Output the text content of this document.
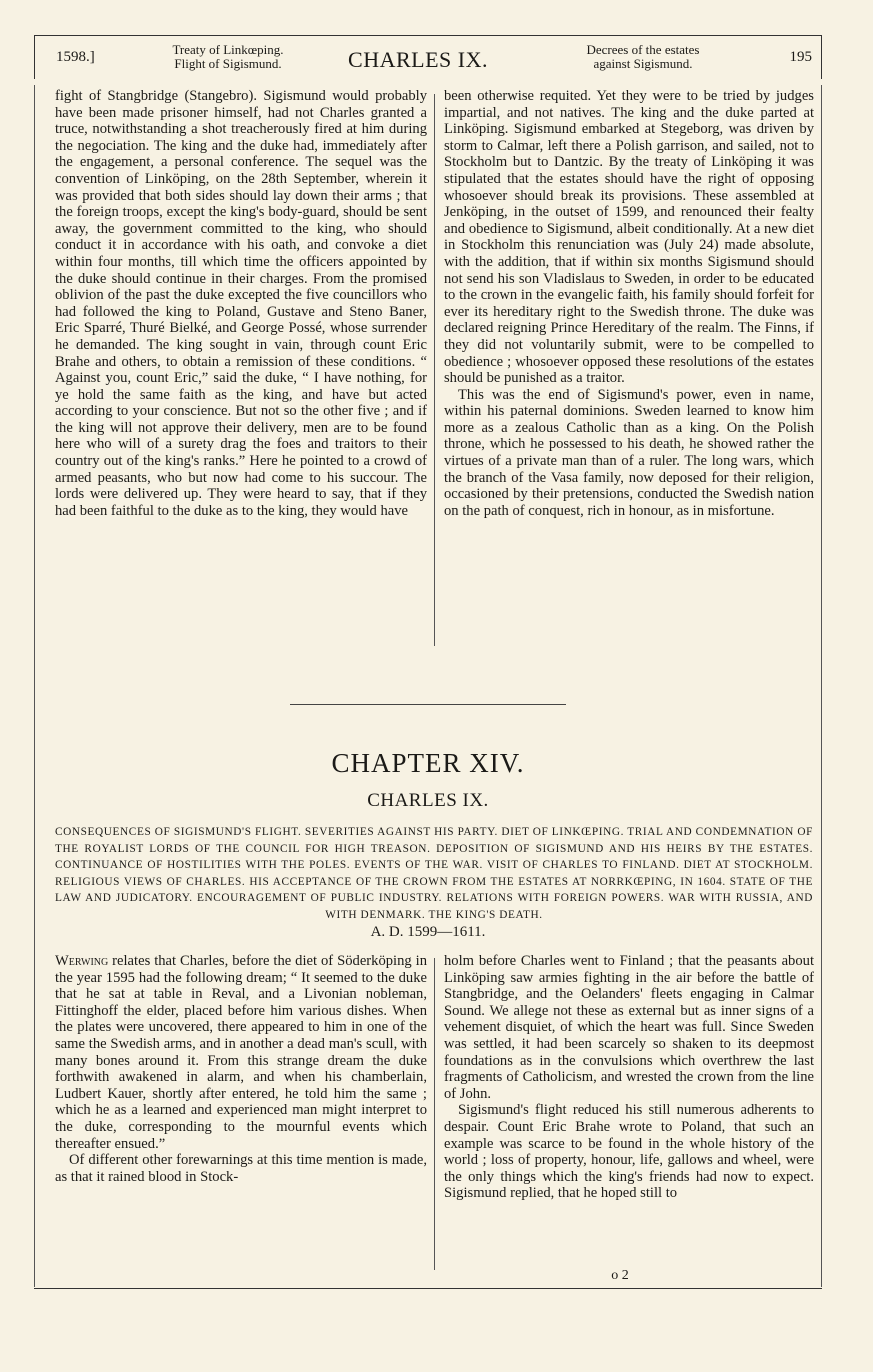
1598.]	Treaty of Linkœping.
Flight of Sigismund.	CHARLES IX.	Decrees of the estates
against Sigismund.	195

fight of Stangbridge (Stangebro). Sigismund would probably have been made prisoner himself, had not Charles granted a truce, notwithstanding a shot treacherously fired at him during the negociation. The king and the duke had, immediately after the engagement, a personal conference. The sequel was the convention of Linköping, on the 28th September, wherein it was provided that both sides should lay down their arms ; that the foreign troops, except the king's body-guard, should be sent away, the government committed to the king, who should conduct it in accordance with his oath, and convoke a diet within four months, till which time the officers appointed by the duke should continue in their charges. From the promised oblivion of the past the duke excepted the five councillors who had followed the king to Poland, Gustave and Steno Baner, Eric Sparré, Thuré Bielké, and George Possé, whose surrender he demanded. The king sought in vain, through count Eric Brahe and others, to obtain a remission of these conditions. “ Against you, count Eric,” said the duke, “ I have nothing, for ye hold the same faith as the king, and have but acted according to your conscience. But not so the other five ; and if the king will not approve their delivery, men are to be found here who will of a surety drag the foes and traitors to their country out of the king's ranks.” Here he pointed to a crowd of armed peasants, who but now had come to his succour. The lords were delivered up. They were heard to say, that if they had been faithful to the duke as to the king, they would have

been otherwise requited. Yet they were to be tried by judges impartial, and not natives. The king and the duke parted at Linköping. Sigismund embarked at Stegeborg, was driven by storm to Calmar, left there a Polish garrison, and sailed, not to Stockholm but to Dantzic. By the treaty of Linköping it was stipulated that the estates should have the right of opposing whosoever should break its provisions. These assembled at Jenköping, in the outset of 1599, and renounced their fealty and obedience to Sigismund, albeit conditionally. At a new diet in Stockholm this renunciation was (July 24) made absolute, with the addition, that if within six months Sigismund should not send his son Vladislaus to Sweden, in order to be educated to the crown in the evangelic faith, his family should forfeit for ever its hereditary right to the Swedish throne. The duke was declared reigning Prince Hereditary of the realm. The Finns, if they did not voluntarily submit, were to be compelled to obedience ; whosoever opposed these resolutions of the estates should be punished as a traitor.

This was the end of Sigismund's power, even in name, within his paternal dominions. Sweden learned to know him more as a zealous Catholic than as a king. On the Polish throne, which he possessed to his death, he showed rather the virtues of a private man than of a ruler. The long wars, which the branch of the Vasa family, now deposed for their religion, occasioned by their pretensions, conducted the Swedish nation on the path of conquest, rich in honour, as in misfortune.

CHAPTER XIV.
CHARLES IX.
CONSEQUENCES OF SIGISMUND'S FLIGHT. SEVERITIES AGAINST HIS PARTY. DIET OF LINKŒPING. TRIAL AND CONDEMNATION OF THE ROYALIST LORDS OF THE COUNCIL FOR HIGH TREASON. DEPOSITION OF SIGISMUND AND HIS HEIRS BY THE ESTATES. CONTINUANCE OF HOSTILITIES WITH THE POLES. EVENTS OF THE WAR. VISIT OF CHARLES TO FINLAND. DIET AT STOCKHOLM. RELIGIOUS VIEWS OF CHARLES. HIS ACCEPTANCE OF THE CROWN FROM THE ESTATES AT NORRKŒPING, IN 1604. STATE OF THE LAW AND JUDICATORY. ENCOURAGEMENT OF PUBLIC INDUSTRY. RELATIONS WITH FOREIGN POWERS. WAR WITH RUSSIA, AND WITH DENMARK. THE KING'S DEATH.
A. D. 1599—1611.

Werwing relates that Charles, before the diet of Söderköping in the year 1595 had the following dream; “ It seemed to the duke that he sat at table in Reval, and a Livonian nobleman, Fittinghoff the elder, placed before him various dishes. When the plates were uncovered, there appeared to him in one of the same the Swedish arms, and in another a dead man's scull, with many bones around it. From this strange dream the duke forthwith awakened in alarm, and when his chamberlain, Ludbert Kauer, shortly after entered, he told him the same ; which he as a learned and experienced man might interpret to the duke, corresponding to the mournful events which thereafter ensued.”

Of different other forewarnings at this time mention is made, as that it rained blood in Stock-

holm before Charles went to Finland ; that the peasants about Linköping saw armies fighting in the air before the battle of Stangbridge, and the Oelanders' fleets engaging in Calmar Sound. We allege not these as external but as inner signs of a vehement disquiet, of which the heart was full. Since Sweden was settled, it had been scarcely so shaken to its deepmost foundations as in the convulsions which overthrew the last fragments of Catholicism, and wrested the crown from the line of John.

Sigismund's flight reduced his still numerous adherents to despair. Count Eric Brahe wrote to Poland, that such an example was scarce to be found in the whole history of the world ; loss of property, honour, life, gallows and wheel, were the only things which the king's friends had now to expect. Sigismund replied, that he hoped still to

o 2
